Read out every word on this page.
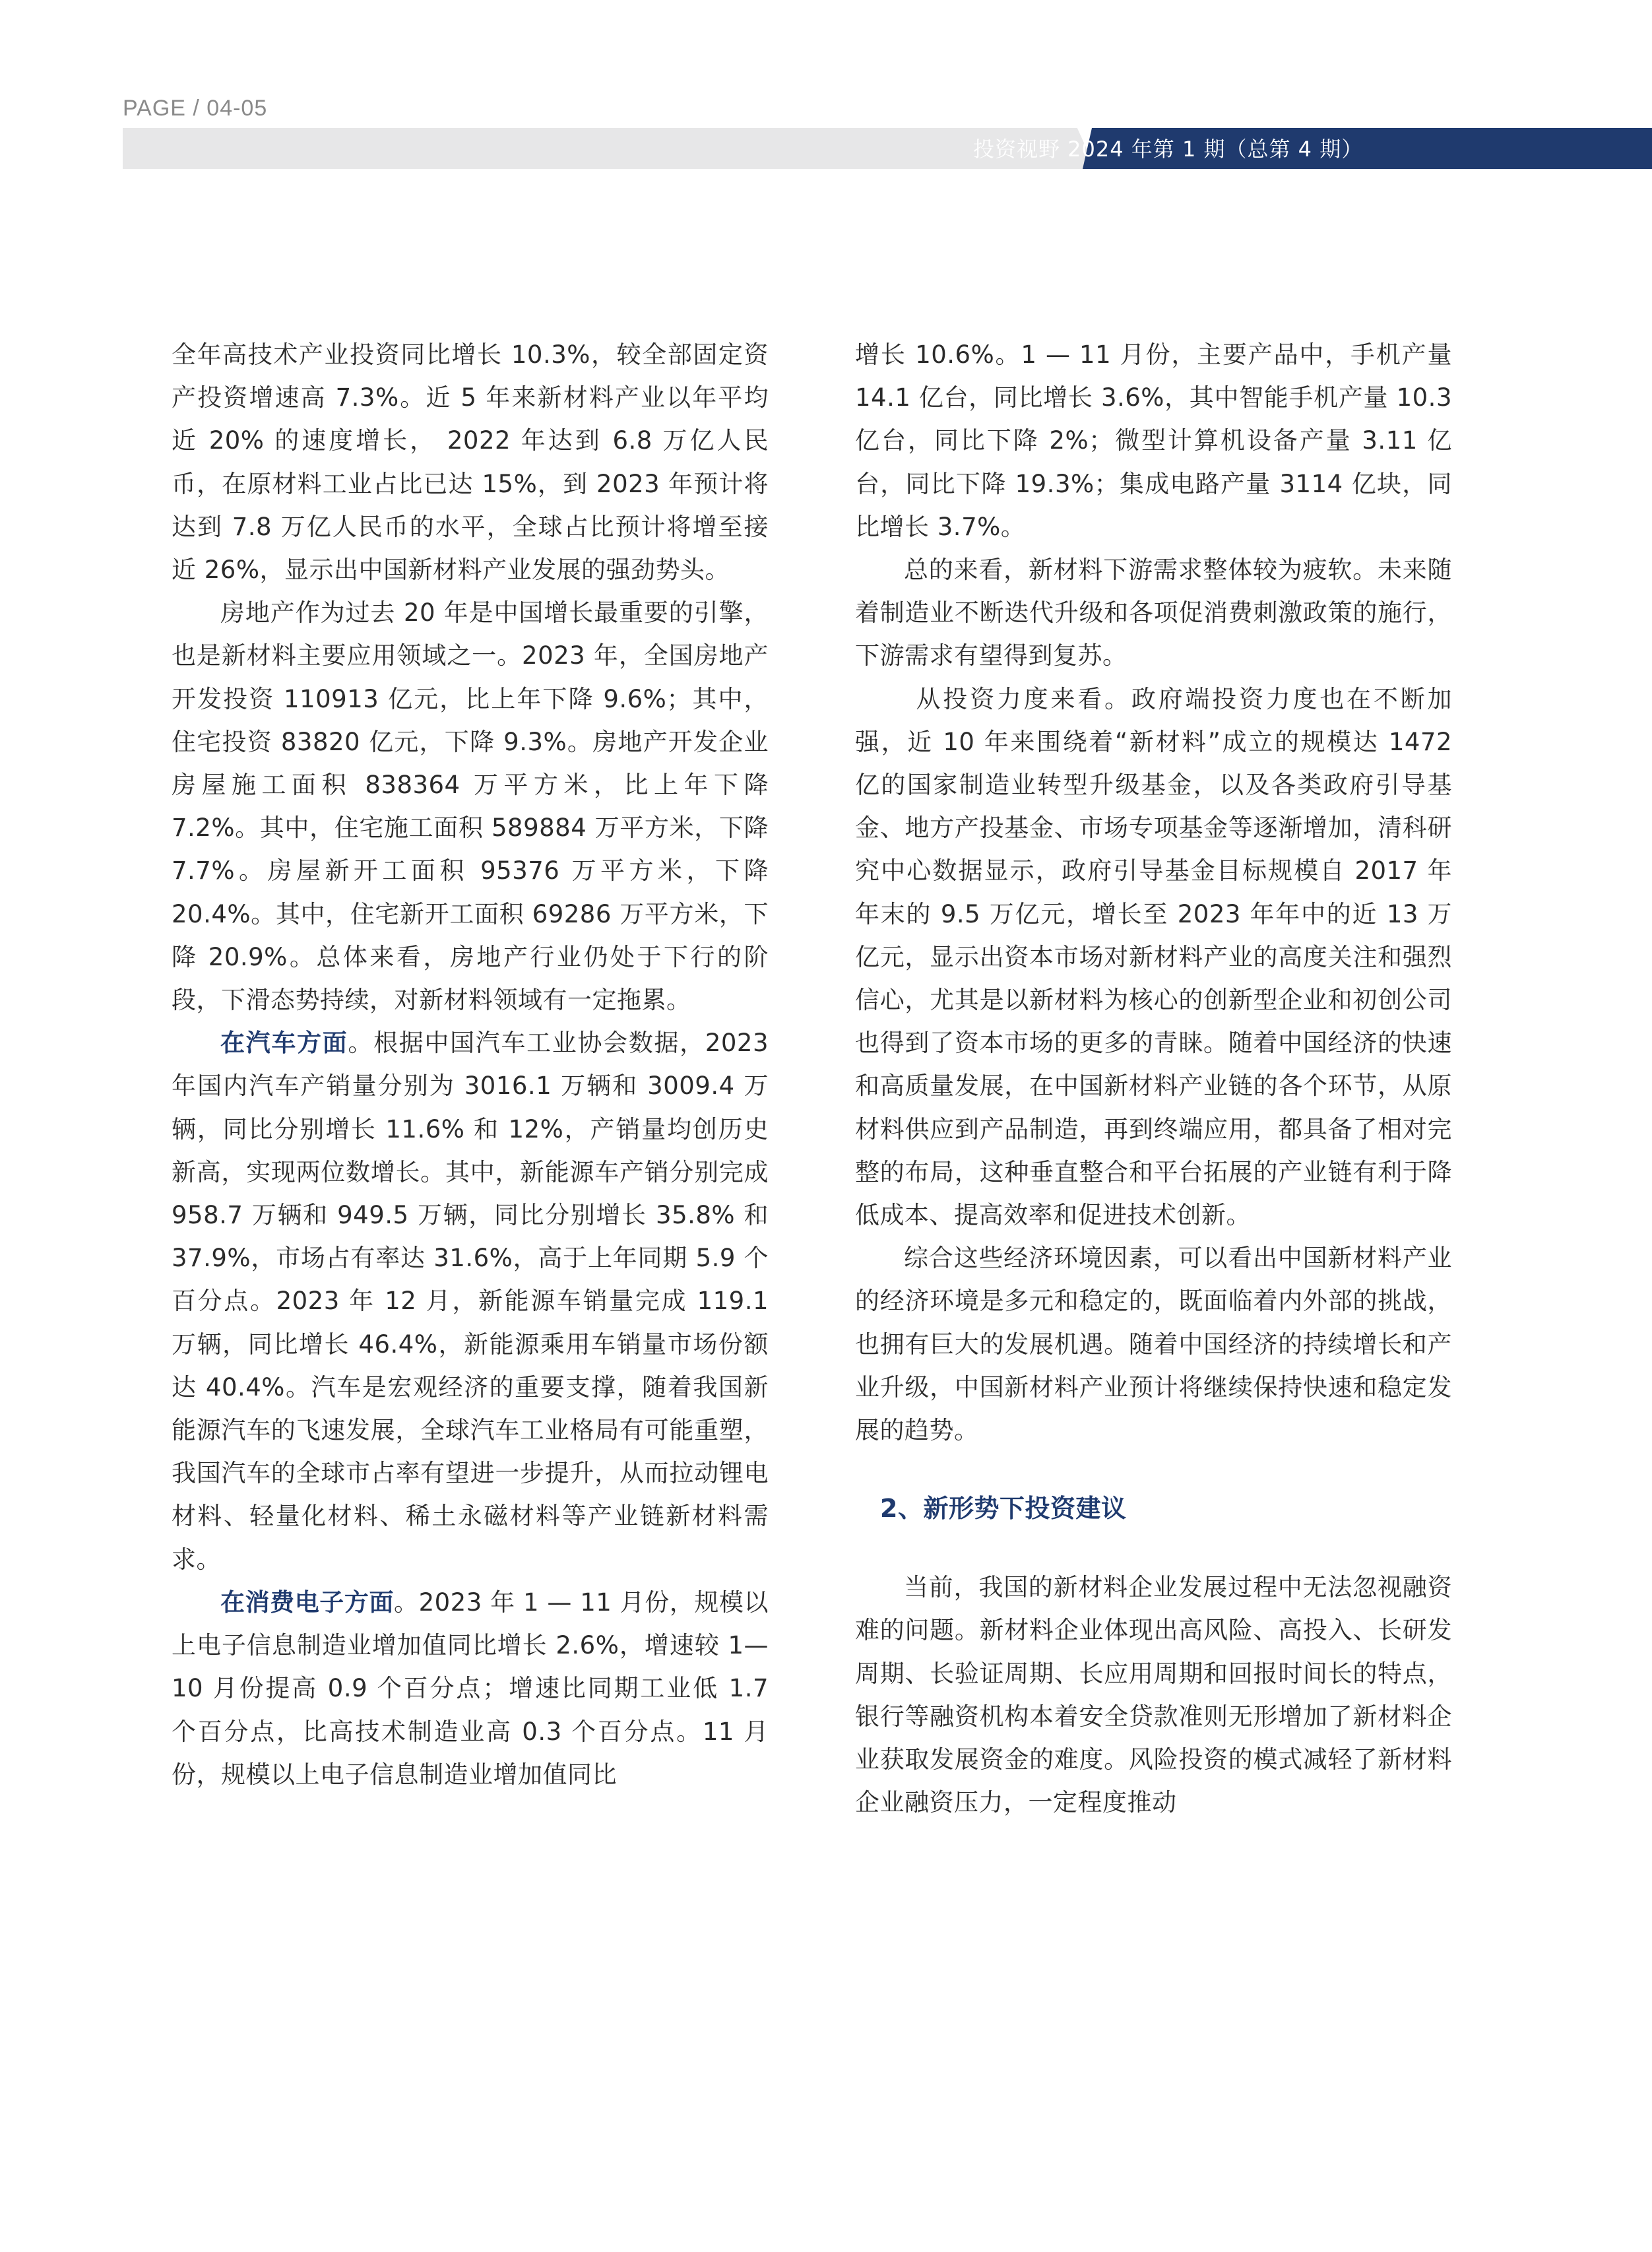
PAGE / 04-05
投资视野 2024 年第 1 期（总第 4 期）

全年高技术产业投资同比增长 10.3%，较全部固定资产投资增速高 7.3%。近 5 年来新材料产业以年平均近 20% 的速度增长， 2022 年达到 6.8 万亿人民币，在原材料工业占比已达 15%，到 2023 年预计将达到 7.8 万亿人民币的水平，全球占比预计将增至接近 26%，显示出中国新材料产业发展的强劲势头。

房地产作为过去 20 年是中国增长最重要的引擎，也是新材料主要应用领域之一。2023 年，全国房地产开发投资 110913 亿元，比上年下降 9.6%；其中，住宅投资 83820 亿元，下降 9.3%。房地产开发企业房屋施工面积 838364 万平方米，比上年下降 7.2%。其中，住宅施工面积 589884 万平方米，下降 7.7%。房屋新开工面积 95376 万平方米，下降 20.4%。其中，住宅新开工面积 69286 万平方米，下降 20.9%。总体来看，房地产行业仍处于下行的阶段，下滑态势持续，对新材料领域有一定拖累。

在汽车方面。根据中国汽车工业协会数据，2023 年国内汽车产销量分别为 3016.1 万辆和 3009.4 万辆，同比分别增长 11.6% 和 12%，产销量均创历史新高，实现两位数增长。其中，新能源车产销分别完成 958.7 万辆和 949.5 万辆，同比分别增长 35.8% 和 37.9%，市场占有率达 31.6%，高于上年同期 5.9 个百分点。2023 年 12 月，新能源车销量完成 119.1 万辆，同比增长 46.4%，新能源乘用车销量市场份额达 40.4%。汽车是宏观经济的重要支撑，随着我国新能源汽车的飞速发展，全球汽车工业格局有可能重塑，我国汽车的全球市占率有望进一步提升，从而拉动锂电材料、轻量化材料、稀土永磁材料等产业链新材料需求。

在消费电子方面。2023 年 1 — 11 月份，规模以上电子信息制造业增加值同比增长 2.6%，增速较 1—10 月份提高 0.9 个百分点；增速比同期工业低 1.7 个百分点，比高技术制造业高 0.3 个百分点。11 月份，规模以上电子信息制造业增加值同比

增长 10.6%。1 — 11 月份，主要产品中，手机产量 14.1 亿台，同比增长 3.6%，其中智能手机产量 10.3 亿台，同比下降 2%；微型计算机设备产量 3.11 亿台，同比下降 19.3%；集成电路产量 3114 亿块，同比增长 3.7%。

总的来看，新材料下游需求整体较为疲软。未来随着制造业不断迭代升级和各项促消费刺激政策的施行，下游需求有望得到复苏。

从投资力度来看。政府端投资力度也在不断加强，近 10 年来围绕着“新材料”成立的规模达 1472 亿的国家制造业转型升级基金，以及各类政府引导基金、地方产投基金、市场专项基金等逐渐增加，清科研究中心数据显示，政府引导基金目标规模自 2017 年年末的 9.5 万亿元，增长至 2023 年年中的近 13 万亿元，显示出资本市场对新材料产业的高度关注和强烈信心，尤其是以新材料为核心的创新型企业和初创公司也得到了资本市场的更多的青睐。随着中国经济的快速和高质量发展，在中国新材料产业链的各个环节，从原材料供应到产品制造，再到终端应用，都具备了相对完整的布局，这种垂直整合和平台拓展的产业链有利于降低成本、提高效率和促进技术创新。

综合这些经济环境因素，可以看出中国新材料产业的经济环境是多元和稳定的，既面临着内外部的挑战，也拥有巨大的发展机遇。随着中国经济的持续增长和产业升级，中国新材料产业预计将继续保持快速和稳定发展的趋势。

2、新形势下投资建议

当前，我国的新材料企业发展过程中无法忽视融资难的问题。新材料企业体现出高风险、高投入、长研发周期、长验证周期、长应用周期和回报时间长的特点，银行等融资机构本着安全贷款准则无形增加了新材料企业获取发展资金的难度。风险投资的模式减轻了新材料企业融资压力，一定程度推动
